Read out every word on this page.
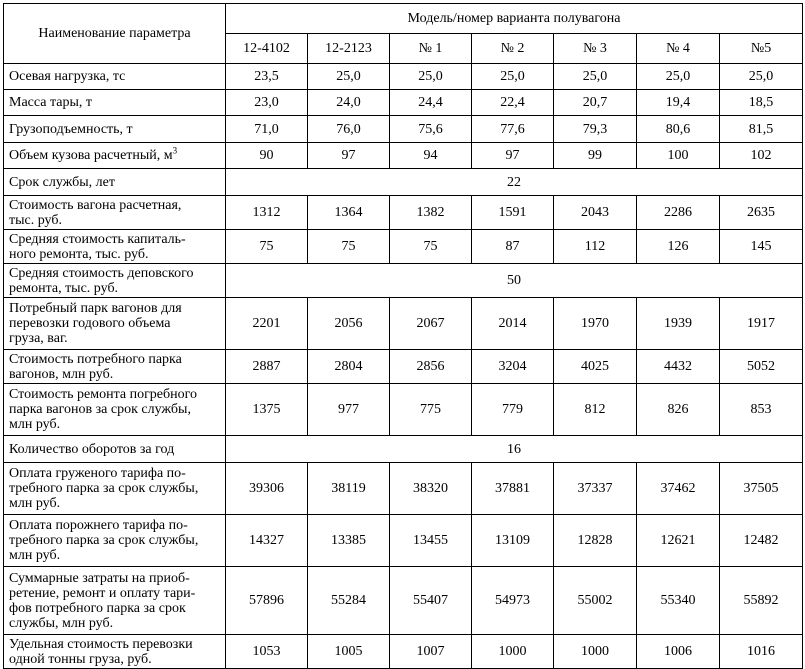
Наименование параметра	Модель/номер варианта полувагона						
	12-4102	12-2123	№ 1	№ 2	№ 3	№ 4	№5
Осевая нагрузка, тс	23,5	25,0	25,0	25,0	25,0	25,0	25,0
Масса тары, т	23,0	24,0	24,4	22,4	20,7	19,4	18,5
Грузоподъемность, т	71,0	76,0	75,6	77,6	79,3	80,6	81,5
Объем кузова расчетный, $м^3$	90	97	94	97	99	100	102
Срок службы, лет	22						
Стоимость вагона расчетная,
тыс. руб.	1312	1364	1382	1591	2043	2286	2635
Средняя стоимость капиталь-
ного ремонта, тыс. руб.	75	75	75	87	112	126	145
Средняя стоимость деповского
ремонта, тыс. руб.	50						
Потребный парк вагонов для
перевозки годового объема
груза, ваг.	2201	2056	2067	2014	1970	1939	1917
Стоимость потребного парка
вагонов, млн руб.	2887	2804	2856	3204	4025	4432	5052
Стоимость ремонта погребного
парка вагонов за срок службы,
млн руб.	1375	977	775	779	812	826	853
Количество оборотов за год	16						
Оплата груженого тарифа по-
требного парка за срок службы,
млн руб.	39306	38119	38320	37881	37337	37462	37505
Оплата порожнего тарифа по-
требного парка за срок службы,
млн руб.	14327	13385	13455	13109	12828	12621	12482
Суммарные затраты на приоб-
ретение, ремонт и оплату тари-
фов потребного парка за срок
службы, млн руб.	57896	55284	55407	54973	55002	55340	55892
Удельная стоимость перевозки
одной тонны груза, руб.	1053	1005	1007	1000	1000	1006	1016
